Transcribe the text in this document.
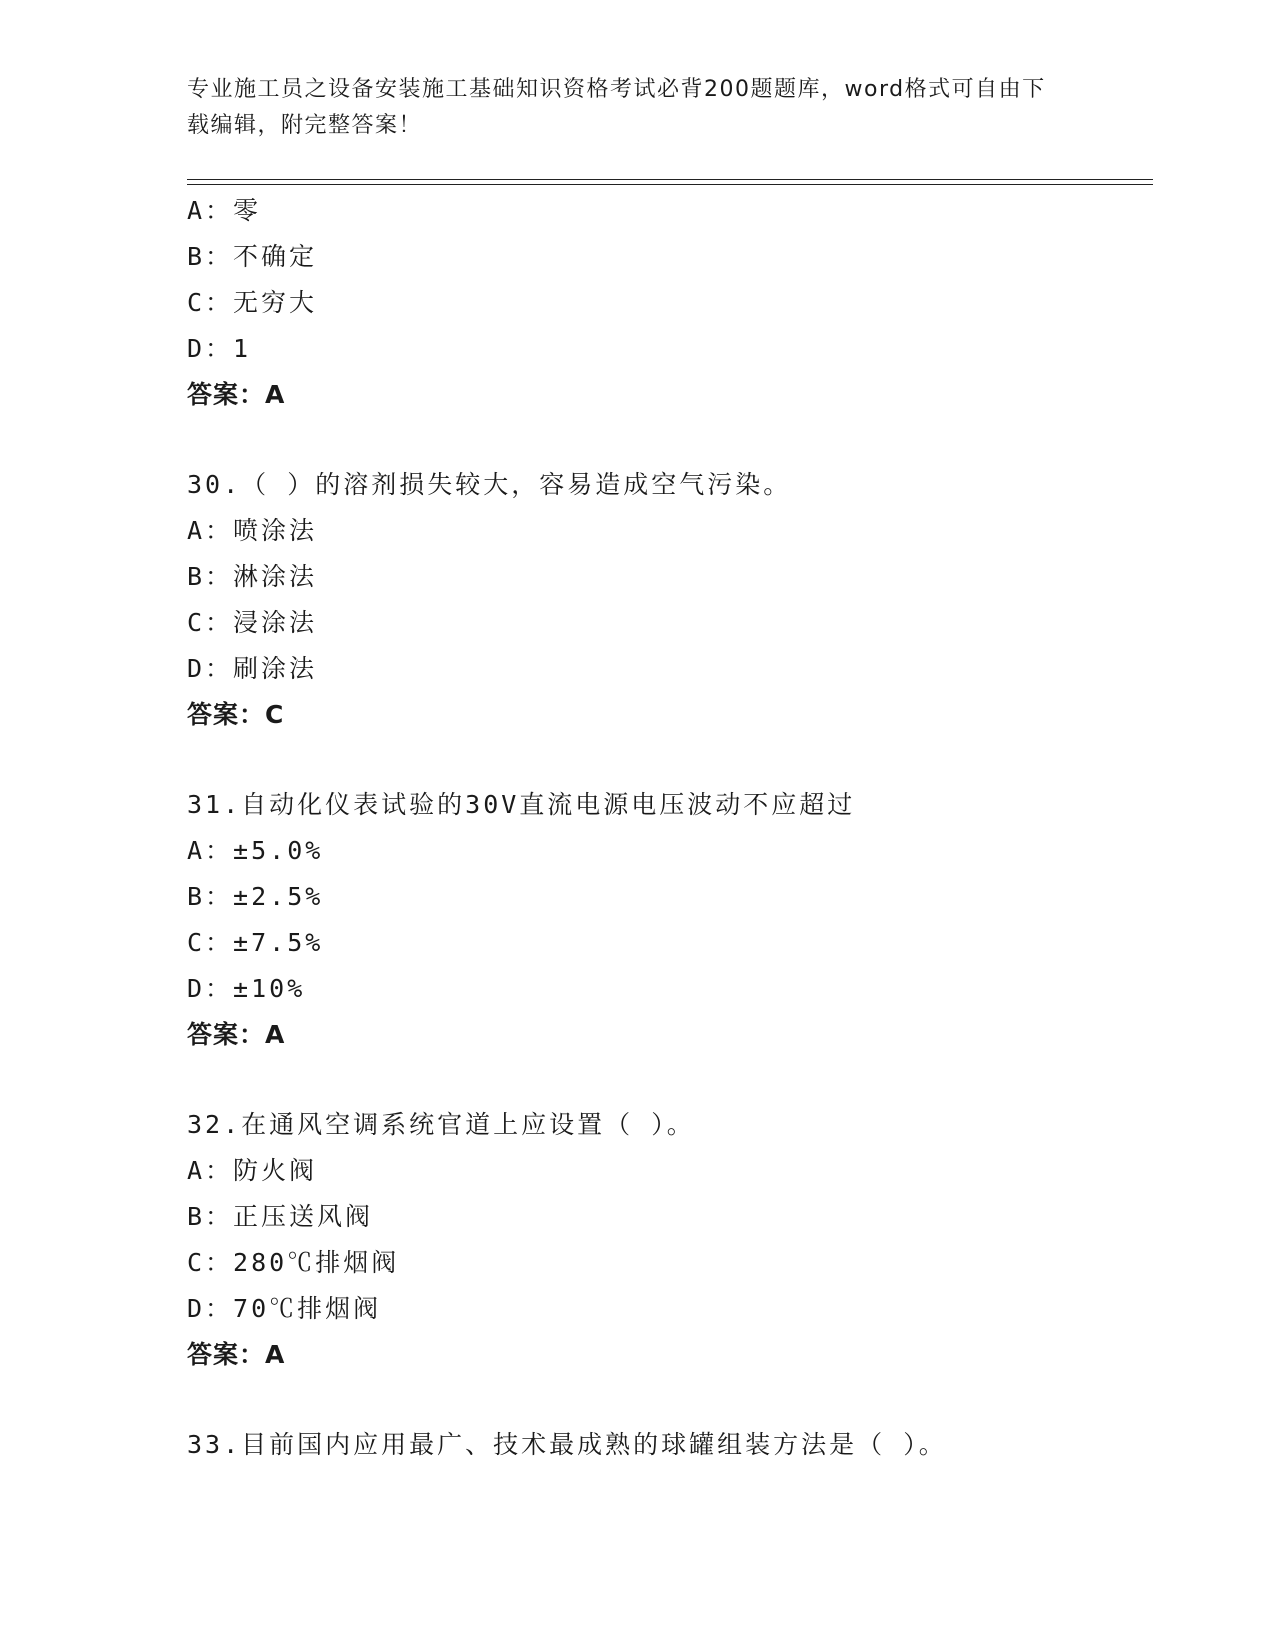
专业施工员之设备安装施工基础知识资格考试必背200题题库，word格式可自由下载编辑，附完整答案！
A：零
B：不确定
C：无穷大
D：1
答案：A
30.（ ）的溶剂损失较大，容易造成空气污染。
A：喷涂法
B：淋涂法
C：浸涂法
D：刷涂法
答案：C
31.自动化仪表试验的30V直流电源电压波动不应超过
A：±5.0%
B：±2.5%
C：±7.5%
D：±10%
答案：A
32.在通风空调系统官道上应设置（ ）。
A：防火阀
B：正压送风阀
C：280℃排烟阀
D：70℃排烟阀
答案：A
33.目前国内应用最广、技术最成熟的球罐组装方法是（ ）。
